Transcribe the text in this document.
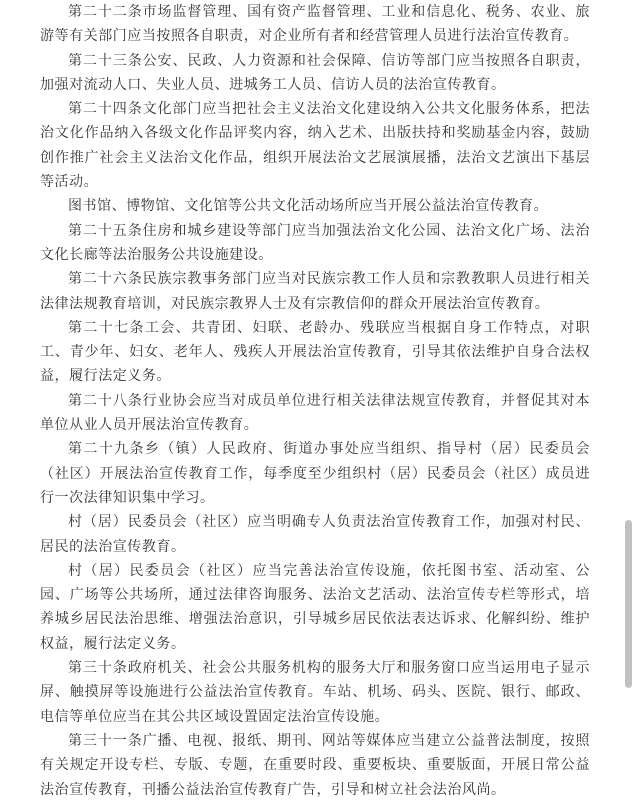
第二十二条市场监督管理、国有资产监督管理、工业和信息化、税务、农业、旅游等有关部门应当按照各自职责，对企业所有者和经营管理人员进行法治宣传教育。

第二十三条公安、民政、人力资源和社会保障、信访等部门应当按照各自职责，加强对流动人口、失业人员、进城务工人员、信访人员的法治宣传教育。

第二十四条文化部门应当把社会主义法治文化建设纳入公共文化服务体系，把法治文化作品纳入各级文化作品评奖内容，纳入艺术、出版扶持和奖励基金内容，鼓励创作推广社会主义法治文化作品，组织开展法治文艺展演展播，法治文艺演出下基层等活动。

图书馆、博物馆、文化馆等公共文化活动场所应当开展公益法治宣传教育。

第二十五条住房和城乡建设等部门应当加强法治文化公园、法治文化广场、法治文化长廊等法治服务公共设施建设。

第二十六条民族宗教事务部门应当对民族宗教工作人员和宗教教职人员进行相关法律法规教育培训，对民族宗教界人士及有宗教信仰的群众开展法治宣传教育。

第二十七条工会、共青团、妇联、老龄办、残联应当根据自身工作特点，对职工、青少年、妇女、老年人、残疾人开展法治宣传教育，引导其依法维护自身合法权益，履行法定义务。

第二十八条行业协会应当对成员单位进行相关法律法规宣传教育，并督促其对本单位从业人员开展法治宣传教育。

第二十九条乡（镇）人民政府、街道办事处应当组织、指导村（居）民委员会（社区）开展法治宣传教育工作，每季度至少组织村（居）民委员会（社区）成员进行一次法律知识集中学习。

村（居）民委员会（社区）应当明确专人负责法治宣传教育工作，加强对村民、居民的法治宣传教育。

村（居）民委员会（社区）应当完善法治宣传设施，依托图书室、活动室、公园、广场等公共场所，通过法律咨询服务、法治文艺活动、法治宣传专栏等形式，培养城乡居民法治思维、增强法治意识，引导城乡居民依法表达诉求、化解纠纷、维护权益，履行法定义务。

第三十条政府机关、社会公共服务机构的服务大厅和服务窗口应当运用电子显示屏、触摸屏等设施进行公益法治宣传教育。车站、机场、码头、医院、银行、邮政、电信等单位应当在其公共区域设置固定法治宣传设施。

第三十一条广播、电视、报纸、期刊、网站等媒体应当建立公益普法制度，按照有关规定开设专栏、专版、专题，在重要时段、重要板块、重要版面，开展日常公益法治宣传教育，刊播公益法治宣传教育广告，引导和树立社会法治风尚。
